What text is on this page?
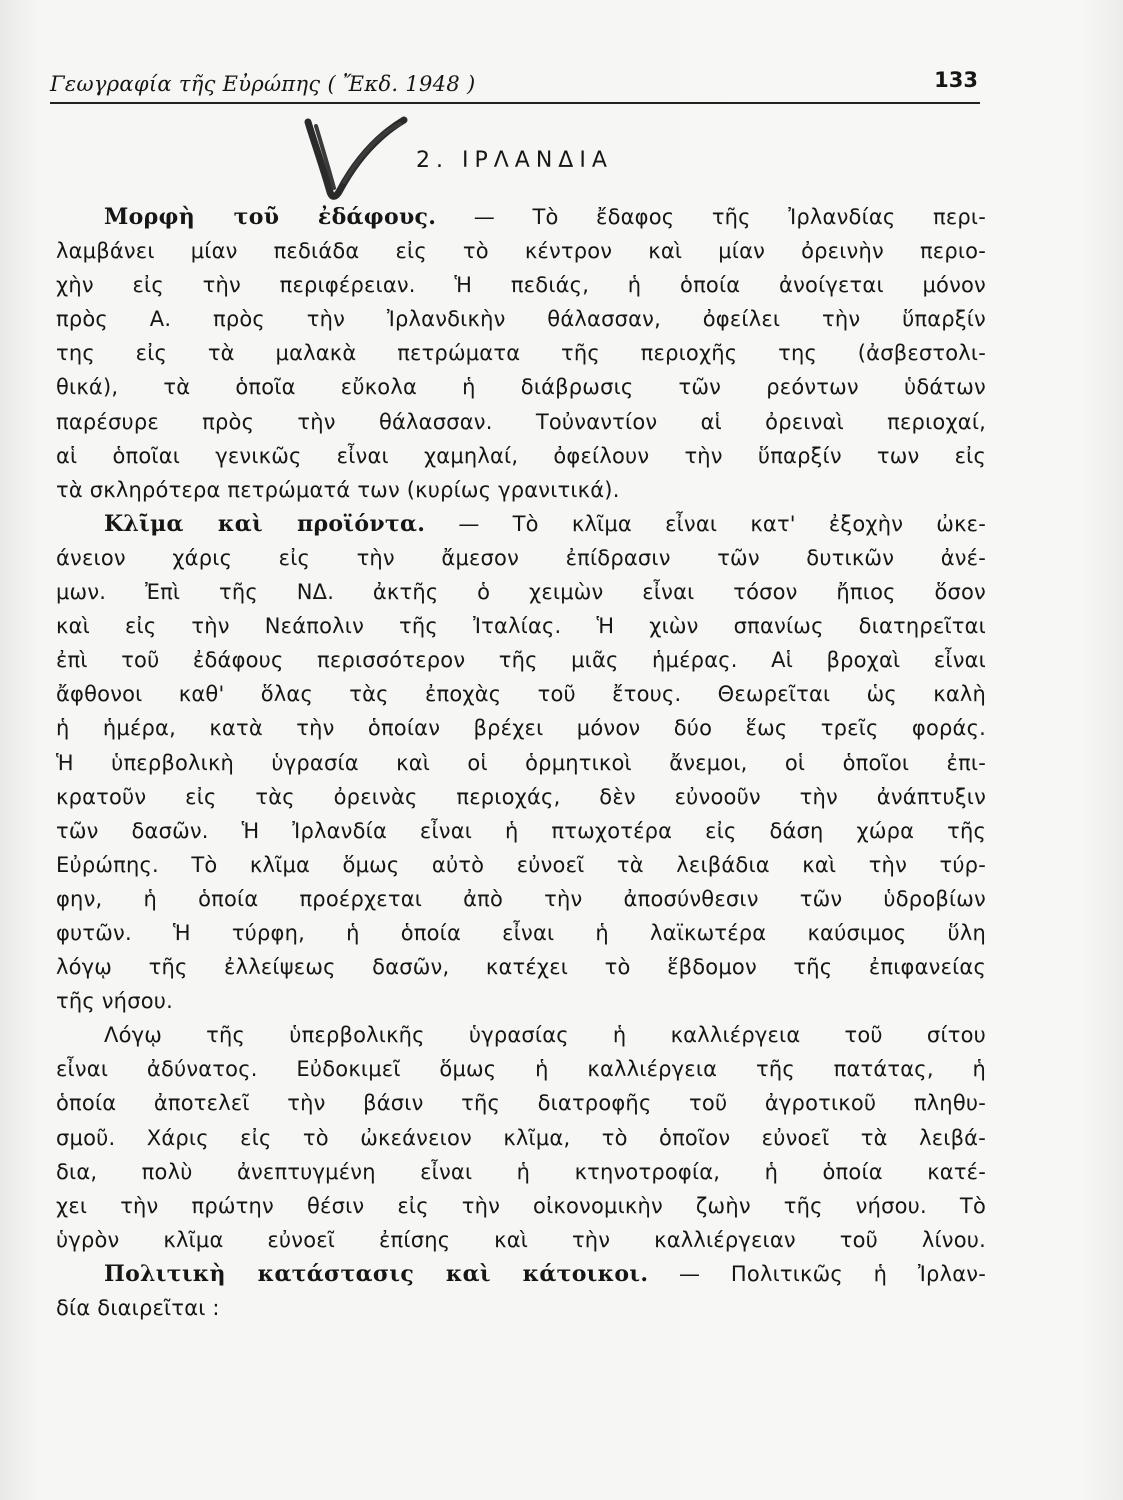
Γεωγραφία τῆς Εὐρώπης ( Ἔκδ. 1948 )	133
2. ΙΡΛΑΝΔΙΑ
Μορφὴ τοῦ ἐδάφους. — Τὸ ἔδαφος τῆς Ἰρλανδίας περι-
λαμβάνει μίαν πεδιάδα εἰς τὸ κέντρον καὶ μίαν ὀρεινὴν περιο-
χὴν εἰς τὴν περιφέρειαν. Ἡ πεδιάς, ἡ ὁποία ἀνοίγεται μόνον
πρὸς Α. πρὸς τὴν Ἰρλανδικὴν θάλασσαν, ὀφείλει τὴν ὕπαρξίν
της εἰς τὰ μαλακὰ πετρώματα τῆς περιοχῆς της (ἀσβεστολι-
θικά), τὰ ὁποῖα εὔκολα ἡ διάβρωσις τῶν ρεόντων ὑδάτων
παρέσυρε πρὸς τὴν θάλασσαν. Τοὐναντίον αἱ ὀρειναὶ περιοχαί,
αἱ ὁποῖαι γενικῶς εἶναι χαμηλαί, ὀφείλουν τὴν ὕπαρξίν των εἰς
τὰ σκληρότερα πετρώματά των (κυρίως γρανιτικά).
Κλῖμα καὶ προϊόντα. — Τὸ κλῖμα εἶναι κατ' ἐξοχὴν ὠκε-
άνειον χάρις εἰς τὴν ἄμεσον ἐπίδρασιν τῶν δυτικῶν ἀνέ-
μων. Ἐπὶ τῆς ΝΔ. ἀκτῆς ὁ χειμὼν εἶναι τόσον ἤπιος ὅσον
καὶ εἰς τὴν Νεάπολιν τῆς Ἰταλίας. Ἡ χιὼν σπανίως διατηρεῖται
ἐπὶ τοῦ ἐδάφους περισσότερον τῆς μιᾶς ἡμέρας. Αἱ βροχαὶ εἶναι
ἄφθονοι καθ' ὅλας τὰς ἐποχὰς τοῦ ἔτους. Θεωρεῖται ὡς καλὴ
ἡ ἡμέρα, κατὰ τὴν ὁποίαν βρέχει μόνον δύο ἕως τρεῖς φοράς.
Ἡ ὑπερβολικὴ ὑγρασία καὶ οἱ ὁρμητικοὶ ἄνεμοι, οἱ ὁποῖοι ἐπι-
κρατοῦν εἰς τὰς ὀρεινὰς περιοχάς, δὲν εὐνοοῦν τὴν ἀνάπτυξιν
τῶν δασῶν. Ἡ Ἰρλανδία εἶναι ἡ πτωχοτέρα εἰς δάση χώρα τῆς
Εὐρώπης. Τὸ κλῖμα ὅμως αὐτὸ εὐνοεῖ τὰ λειβάδια καὶ τὴν τύρ-
φην, ἡ ὁποία προέρχεται ἀπὸ τὴν ἀποσύνθεσιν τῶν ὑδροβίων
φυτῶν. Ἡ τύρφη, ἡ ὁποία εἶναι ἡ λαϊκωτέρα καύσιμος ὕλη
λόγῳ τῆς ἐλλείψεως δασῶν, κατέχει τὸ ἕβδομον τῆς ἐπιφανείας
τῆς νήσου.
Λόγῳ τῆς ὑπερβολικῆς ὑγρασίας ἡ καλλιέργεια τοῦ σίτου
εἶναι ἀδύνατος. Εὐδοκιμεῖ ὅμως ἡ καλλιέργεια τῆς πατάτας, ἡ
ὁποία ἀποτελεῖ τὴν βάσιν τῆς διατροφῆς τοῦ ἀγροτικοῦ πληθυ-
σμοῦ. Χάρις εἰς τὸ ὠκεάνειον κλῖμα, τὸ ὁποῖον εὐνοεῖ τὰ λειβά-
δια, πολὺ ἀνεπτυγμένη εἶναι ἡ κτηνοτροφία, ἡ ὁποία κατέ-
χει τὴν πρώτην θέσιν εἰς τὴν οἰκονομικὴν ζωὴν τῆς νήσου. Τὸ
ὑγρὸν κλῖμα εὐνοεῖ ἐπίσης καὶ τὴν καλλιέργειαν τοῦ λίνου.
Πολιτικὴ κατάστασις καὶ κάτοικοι. — Πολιτικῶς ἡ Ἰρλαν-
δία διαιρεῖται :
